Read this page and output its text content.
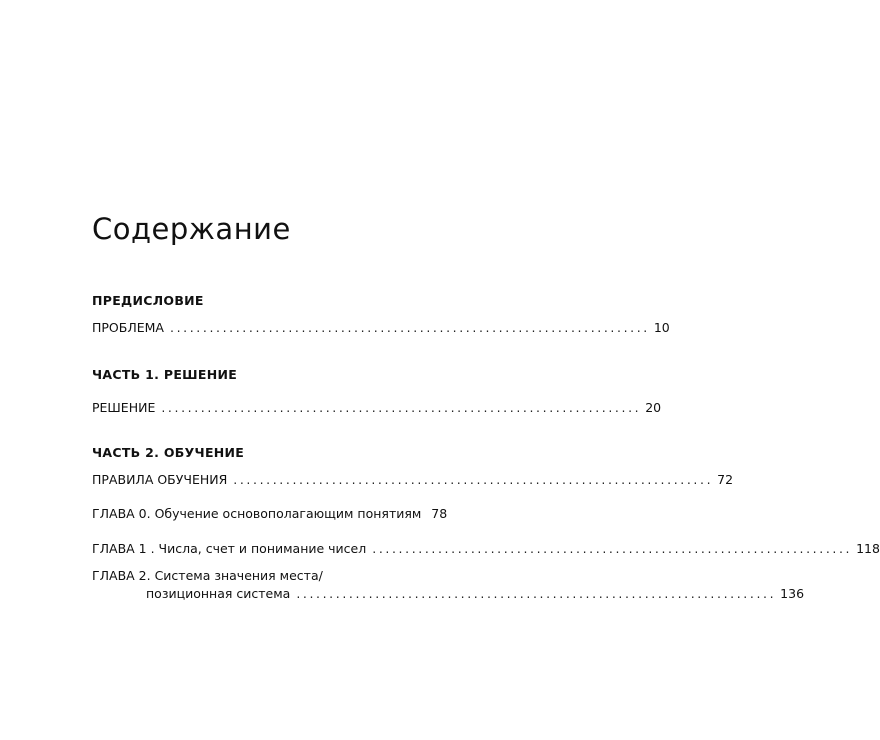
Содержание
ПРЕДИСЛОВИЕ
ПРОБЛЕМА ......................................................................... 10
ЧАСТЬ 1. РЕШЕНИЕ
РЕШЕНИЕ ......................................................................... 20
ЧАСТЬ 2. ОБУЧЕНИЕ
ПРАВИЛА ОБУЧЕНИЯ ......................................................................... 72
ГЛАВА 0. Обучение основополагающим понятиям 78
ГЛАВА 1 . Числа, счет и понимание чисел ......................................................................... 118
ГЛАВА 2. Система значения места/
позиционная система ......................................................................... 136
